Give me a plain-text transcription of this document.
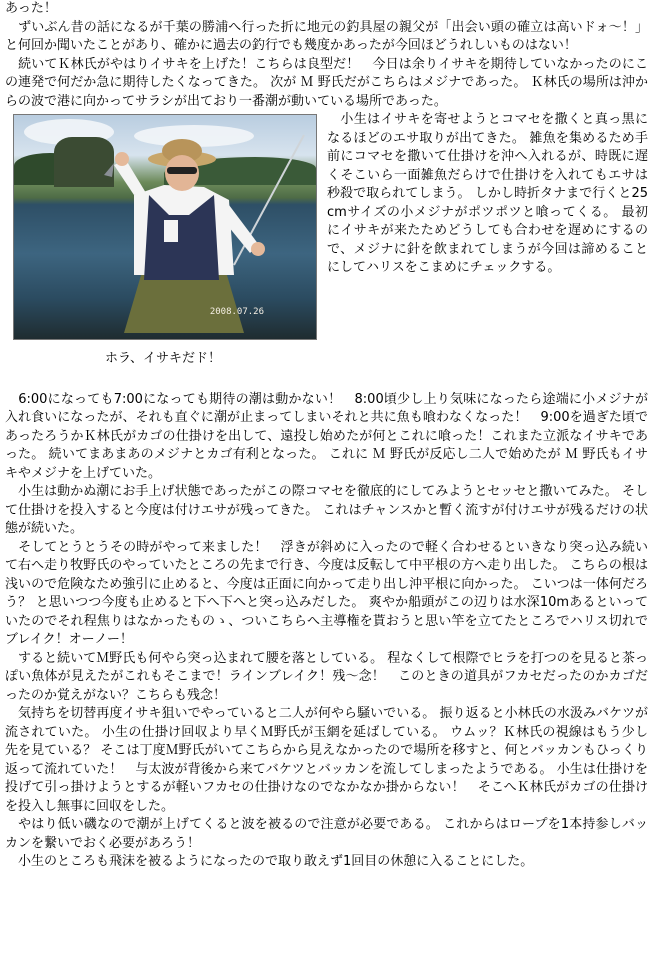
あった！

　ずいぶん昔の話になるが千葉の勝浦へ行った折に地元の釣具屋の親父が「出会い頭の確立は高いドォ～！」と何回か聞いたことがあり、確かに過去の釣行でも幾度かあったが今回ほどうれしいものはない！

　続いてＫ林氏がやはりイサキを上げた！こちらは良型だ！　今日は余りイサキを期待していなかったのにこの連発で何だか急に期待したくなってきた。 次が Ｍ 野氏だがこちらはメジナであった。 Ｋ林氏の場所は沖からの波で港に向かってサラシが出ており一番潮が動いている場所であった。

2008.07.26
ホラ、イサキだド！

　小生はイサキを寄せようとコマセを撒くと真っ黒になるほどのエサ取りが出てきた。 雑魚を集めるため手前にコマセを撒いて仕掛けを沖へ入れるが、時既に遅くそこいら一面雑魚だらけで仕掛けを入れてもエサは秒殺で取られてしまう。 しかし時折タナまで行くと25cmサイズの小メジナがポツポツと喰ってくる。 最初にイサキが来たためどうしても合わせを遅めにするので、メジナに針を飲まれてしまうが今回は諦めることにしてハリスをこまめにチェックする。

　6:00になっても7:00になっても期待の潮は動かない！　8:00頃少し上り気味になったら途端に小メジナが入れ食いになったが、それも直ぐに潮が止まってしまいそれと共に魚も喰わなくなった！　9:00を過ぎた頃であったろうかＫ林氏がカゴの仕掛けを出して、遠投し始めたが何とこれに喰った！これまた立派なイサキであった。 続いてまあまあのメジナとカゴ有利となった。 これに Ｍ 野氏が反応し二人で始めたが Ｍ 野氏もイサキやメジナを上げていた。

　小生は動かぬ潮にお手上げ状態であったがこの際コマセを徹底的にしてみようとセッセと撒いてみた。 そして仕掛けを投入すると今度は付けエサが残ってきた。 これはチャンスかと暫く流すが付けエサが残るだけの状態が続いた。

　そしてとうとうその時がやって来ました！　浮きが斜めに入ったので軽く合わせるといきなり突っ込み続いて右へ走り牧野氏のやっていたところの先まで行き、今度は反転して中平根の方へ走り出した。 こちらの根は浅いので危険なため強引に止めると、今度は正面に向かって走り出し沖平根に向かった。 こいつは一体何だろう？ と思いつつ今度も止めると下へ下へと突っ込みだした。 爽やか船頭がこの辺りは水深10mあるといっていたのでそれ程焦りはなかったものゝ、ついこちらへ主導権を貰おうと思い竿を立てたところでハリス切れでブレイク！オーノー！

　すると続いてＭ野氏も何やら突っ込まれて腰を落としている。 程なくして根際でヒラを打つのを見ると茶っぽい魚体が見えたがこれもそこまで！ラインブレイク！残～念！　このときの道具がフカセだったのかカゴだったのか覚えがない？こちらも残念！

　気持ちを切替再度イサキ狙いでやっていると二人が何やら騒いでいる。 振り返ると小林氏の水汲みバケツが流されていた。 小生の仕掛け回収より早くＭ野氏が玉網を延ばしている。 ウムッ？Ｋ林氏の視線はもう少し先を見ている？ そこは丁度Ｍ野氏がいてこちらから見えなかったので場所を移すと、何とバッカンもひっくり返って流れていた！　与太波が背後から来てバケツとバッカンを流してしまったようである。 小生は仕掛けを投げて引っ掛けようとするが軽いフカセの仕掛けなのでなかなか掛からない！　そこへＫ林氏がカゴの仕掛けを投入し無事に回収をした。

　やはり低い磯なので潮が上げてくると波を被るので注意が必要である。 これからはロープを1本持参しバッカンを繋いでおく必要があろう！

　小生のところも飛沫を被るようになったので取り敢えず1回目の休憩に入ることにした。
